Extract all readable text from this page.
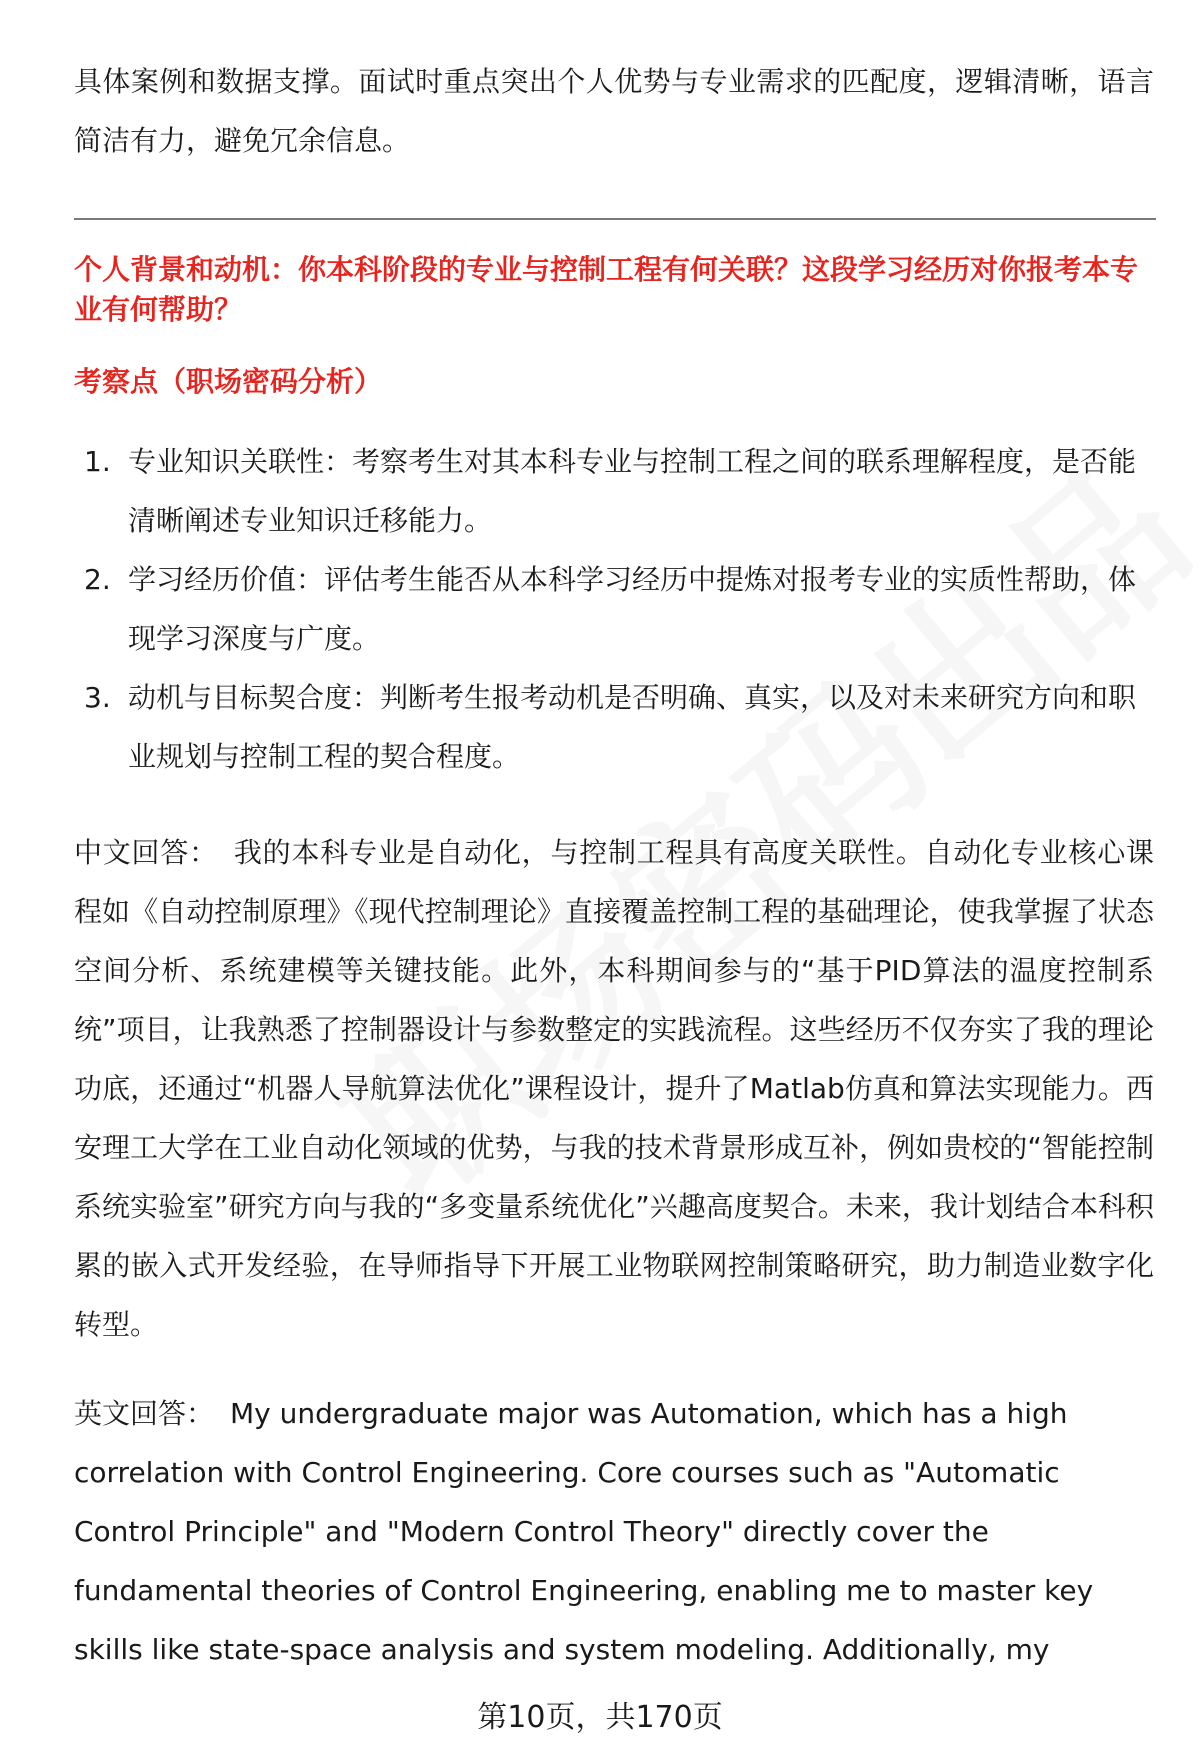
具体案例和数据支撑。面试时重点突出个人优势与专业需求的匹配度，逻辑清晰，语言简洁有力，避免冗余信息。

个人背景和动机：你本科阶段的专业与控制工程有何关联？这段学习经历对你报考本专业有何帮助？
考察点（职场密码分析）
1. 专业知识关联性：考察考生对其本科专业与控制工程之间的联系理解程度，是否能清晰阐述专业知识迁移能力。
2. 学习经历价值：评估考生能否从本科学习经历中提炼对报考专业的实质性帮助，体现学习深度与广度。
3. 动机与目标契合度：判断考生报考动机是否明确、真实，以及对未来研究方向和职业规划与控制工程的契合程度。

中文回答： 我的本科专业是自动化，与控制工程具有高度关联性。自动化专业核心课程如《自动控制原理》《现代控制理论》直接覆盖控制工程的基础理论，使我掌握了状态空间分析、系统建模等关键技能。此外，本科期间参与的“基于PID算法的温度控制系统”项目，让我熟悉了控制器设计与参数整定的实践流程。这些经历不仅夯实了我的理论功底，还通过“机器人导航算法优化”课程设计，提升了Matlab仿真和算法实现能力。西安理工大学在工业自动化领域的优势，与我的技术背景形成互补，例如贵校的“智能控制系统实验室”研究方向与我的“多变量系统优化”兴趣高度契合。未来，我计划结合本科积累的嵌入式开发经验，在导师指导下开展工业物联网控制策略研究，助力制造业数字化转型。

英文回答： My undergraduate major was Automation, which has a high correlation with Control Engineering. Core courses such as "Automatic Control Principle" and "Modern Control Theory" directly cover the fundamental theories of Control Engineering, enabling me to master key skills like state-space analysis and system modeling. Additionally, my

第10页，共170页
